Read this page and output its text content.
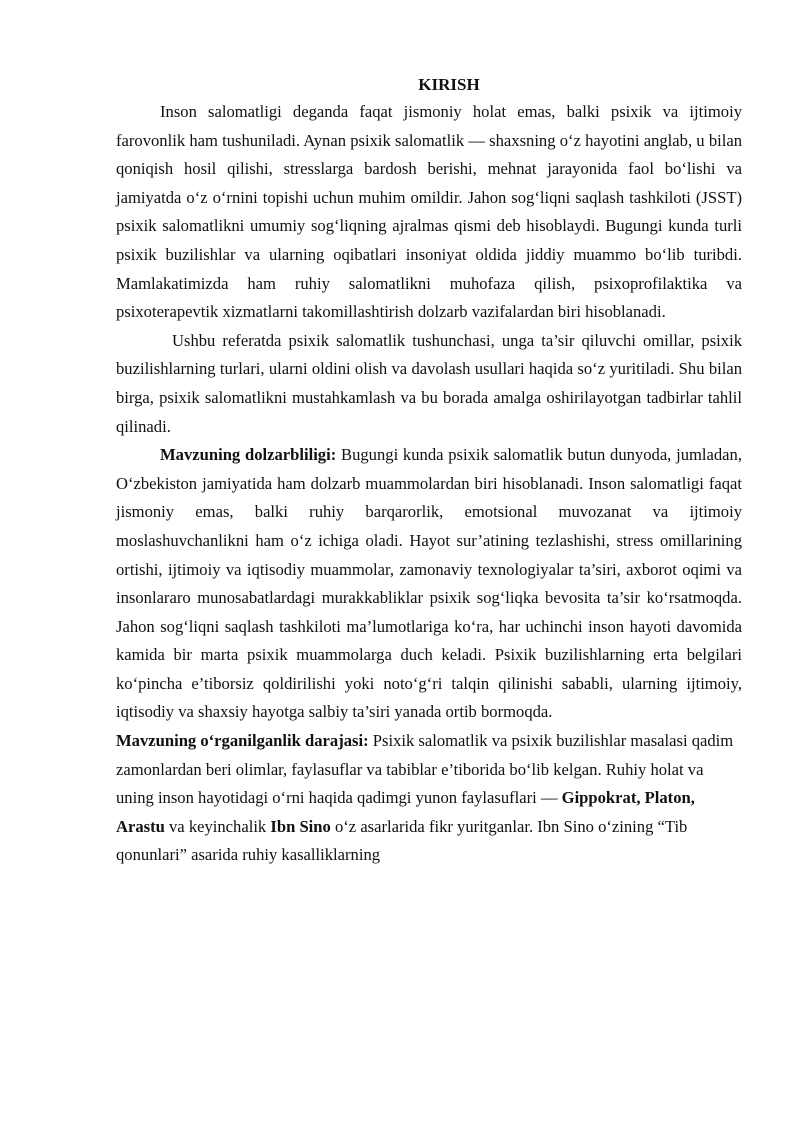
KIRISH

Inson salomatligi deganda faqat jismoniy holat emas, balki psixik va ijtimoiy farovonlik ham tushuniladi. Aynan psixik salomatlik — shaxsning o‘z hayotini anglab, u bilan qoniqish hosil qilishi, stresslarga bardosh berishi, mehnat jarayonida faol bo‘lishi va jamiyatda o‘z o‘rnini topishi uchun muhim omildir. Jahon sog‘liqni saqlash tashkiloti (JSST) psixik salomatlikni umumiy sog‘liqning ajralmas qismi deb hisoblaydi. Bugungi kunda turli psixik buzilishlar va ularning oqibatlari insoniyat oldida jiddiy muammo bo‘lib turibdi. Mamlakatimizda ham ruhiy salomatlikni muhofaza qilish, psixoprofilaktika va psixoterapevtik xizmatlarni takomillashtirish dolzarb vazifalardan biri hisoblanadi.

Ushbu referatda psixik salomatlik tushunchasi, unga ta’sir qiluvchi omillar, psixik buzilishlarning turlari, ularni oldini olish va davolash usullari haqida so‘z yuritiladi. Shu bilan birga, psixik salomatlikni mustahkamlash va bu borada amalga oshirilayotgan tadbirlar tahlil qilinadi.

Mavzuning dolzarbliligi: Bugungi kunda psixik salomatlik butun dunyoda, jumladan, O‘zbekiston jamiyatida ham dolzarb muammolardan biri hisoblanadi. Inson salomatligi faqat jismoniy emas, balki ruhiy barqarorlik, emotsional muvozanat va ijtimoiy moslashuvchanlikni ham o‘z ichiga oladi. Hayot sur’atining tezlashishi, stress omillarining ortishi, ijtimoiy va iqtisodiy muammolar, zamonaviy texnologiyalar ta’siri, axborot oqimi va insonlararo munosabatlardagi murakkabliklar psixik sog‘liqka bevosita ta’sir ko‘rsatmoqda. Jahon sog‘liqni saqlash tashkiloti ma’lumotlariga ko‘ra, har uchinchi inson hayoti davomida kamida bir marta psixik muammolarga duch keladi. Psixik buzilishlarning erta belgilari ko‘pincha e’tiborsiz qoldirilishi yoki noto‘g‘ri talqin qilinishi sababli, ularning ijtimoiy, iqtisodiy va shaxsiy hayotga salbiy ta’siri yanada ortib bormoqda.

Mavzuning o‘rganilganlik darajasi: Psixik salomatlik va psixik buzilishlar masalasi qadim zamonlardan beri olimlar, faylasuflar va tabiblar e’tiboridа bo‘lib kelgan. Ruhiy holat va uning inson hayotidagi o‘rni haqida qadimgi yunon faylasuflari — Gippokrat, Platon, Arastu va keyinchalik Ibn Sino o‘z asarlarida fikr yuritganlar. Ibn Sino o‘zining “Tib qonunlari” asarida ruhiy kasalliklarning
